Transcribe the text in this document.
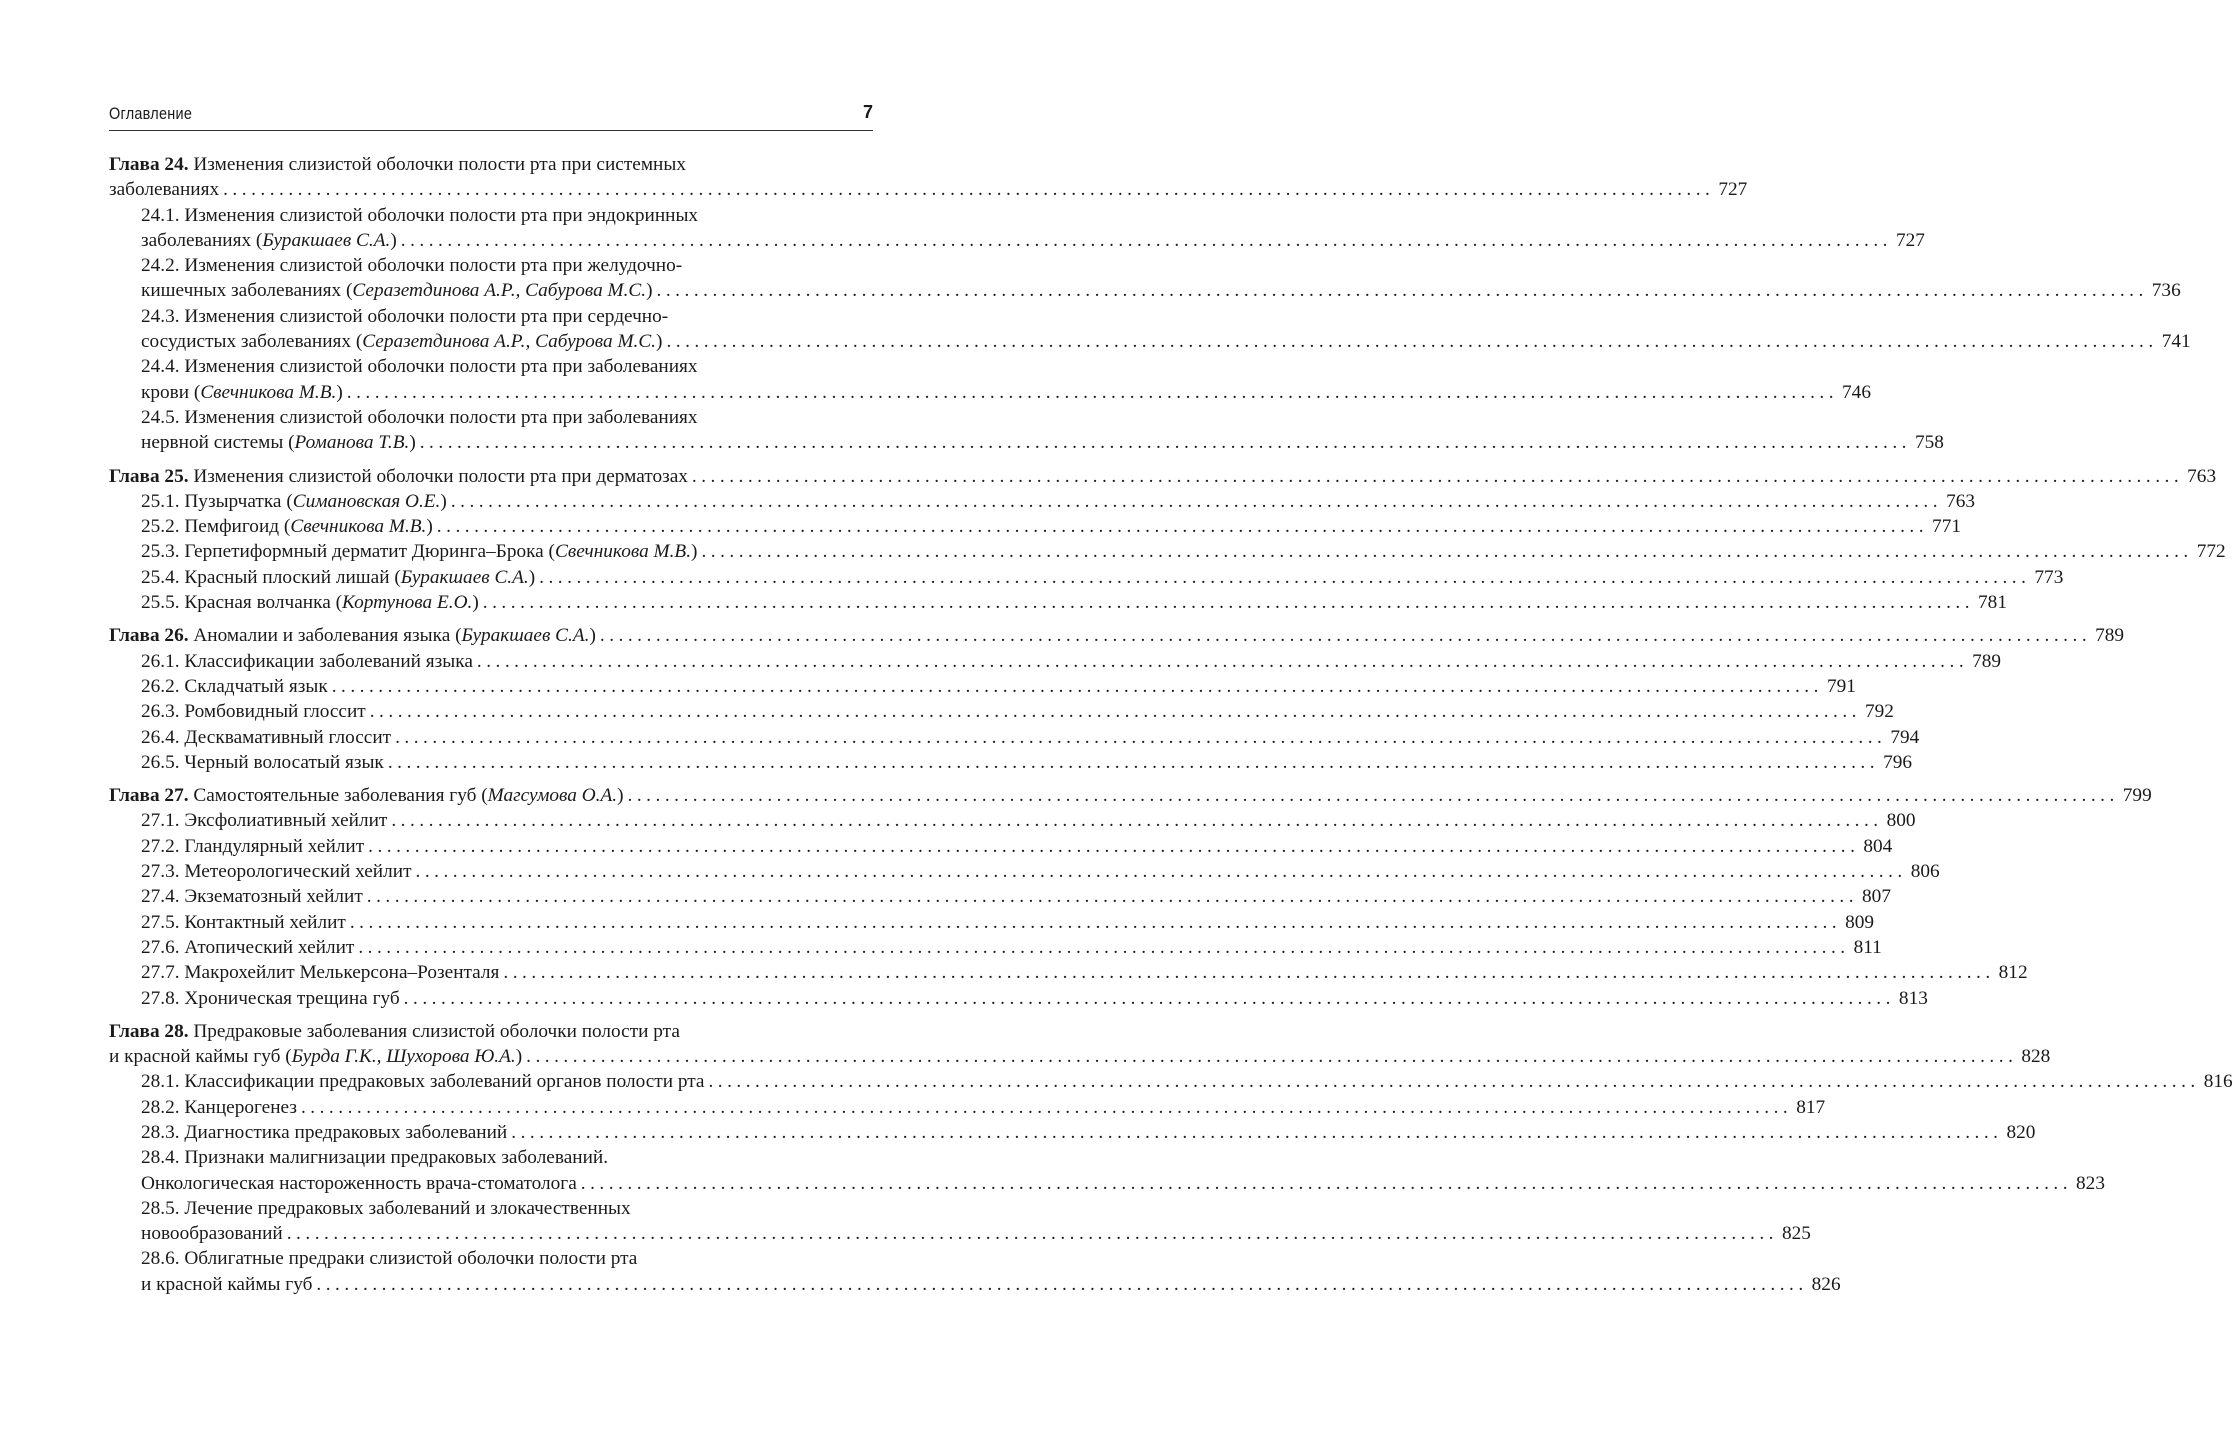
Оглавление	7
Глава 24. Изменения слизистой оболочки полости рта при системных
заболеваниях .....	727
24.1. Изменения слизистой оболочки полости рта при эндокринных
заболеваниях (Буракшаев С.А.) .....	727
24.2. Изменения слизистой оболочки полости рта при желудочно-
кишечных заболеваниях (Серазетдинова А.Р., Сабурова М.С.) .....	736
24.3. Изменения слизистой оболочки полости рта при сердечно-
сосудистых заболеваниях (Серазетдинова А.Р., Сабурова М.С.) .....	741
24.4. Изменения слизистой оболочки полости рта при заболеваниях
крови (Свечникова М.В.) .....	746
24.5. Изменения слизистой оболочки полости рта при заболеваниях
нервной системы (Романова Т.В.) .....	758
Глава 25. Изменения слизистой оболочки полости рта при дерматозах .....	763
25.1. Пузырчатка (Симановская О.Е.) .....	763
25.2. Пемфигоид (Свечникова М.В.) .....	771
25.3. Герпетиформный дерматит Дюринга–Брока (Свечникова М.В.) .....	772
25.4. Красный плоский лишай (Буракшаев С.А.) .....	773
25.5. Красная волчанка (Кортунова Е.О.) .....	781
Глава 26. Аномалии и заболевания языка (Буракшаев С.А.) .....	789
26.1. Классификации заболеваний языка .....	789
26.2. Складчатый язык .....	791
26.3. Ромбовидный глоссит .....	792
26.4. Десквамативный глоссит .....	794
26.5. Черный волосатый язык .....	796
Глава 27. Самостоятельные заболевания губ (Магсумова О.А.) .....	799
27.1. Эксфолиативный хейлит .....	800
27.2. Гландулярный хейлит .....	804
27.3. Метеорологический хейлит .....	806
27.4. Экзематозный хейлит .....	807
27.5. Контактный хейлит .....	809
27.6. Атопический хейлит .....	811
27.7. Макрохейлит Мелькерсона–Розенталя .....	812
27.8. Хроническая трещина губ .....	813
Глава 28. Предраковые заболевания слизистой оболочки полости рта
и красной каймы губ (Бурда Г.К., Шухорова Ю.А.) .....	828
28.1. Классификации предраковых заболеваний органов полости рта .....	816
28.2. Канцерогенез .....	817
28.3. Диагностика предраковых заболеваний .....	820
28.4. Признаки малигнизации предраковых заболеваний.
Онкологическая настороженность врача-стоматолога .....	823
28.5. Лечение предраковых заболеваний и злокачественных
новообразований .....	825
28.6. Облигатные предраки слизистой оболочки полости рта
и красной каймы губ .....	826
